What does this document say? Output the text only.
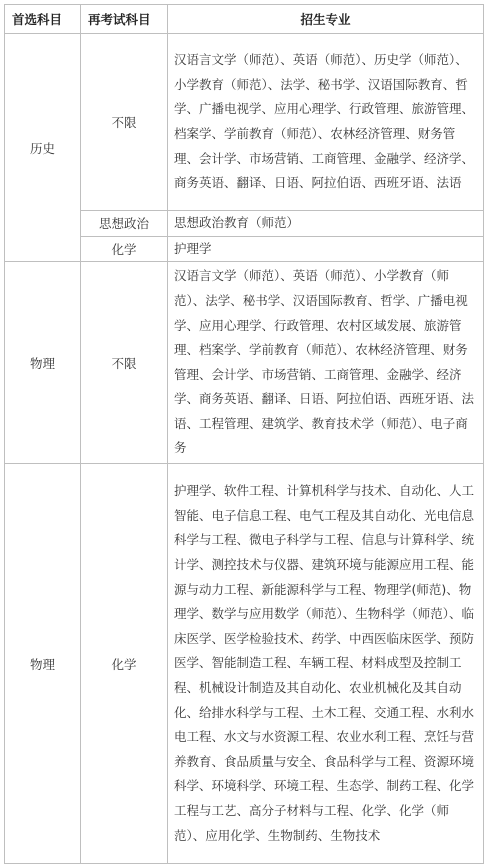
首选科目	再考试科目	招生专业
历史	不限	汉语言文学（师范）、英语（师范）、历史学（师范）、小学教育（师范）、法学、秘书学、汉语国际教育、哲学、广播电视学、应用心理学、行政管理、旅游管理、档案学、学前教育（师范）、农林经济管理、财务管理、会计学、市场营销、工商管理、金融学、经济学、商务英语、翻译、日语、阿拉伯语、西班牙语、法语
	思想政治	思想政治教育（师范）
	化学	护理学
物理	不限	汉语言文学（师范）、英语（师范）、小学教育（师范）、法学、秘书学、汉语国际教育、哲学、广播电视学、应用心理学、行政管理、农村区域发展、旅游管理、档案学、学前教育（师范）、农林经济管理、财务管理、会计学、市场营销、工商管理、金融学、经济学、商务英语、翻译、日语、阿拉伯语、西班牙语、法语、工程管理、建筑学、教育技术学（师范）、电子商务
物理	化学	护理学、软件工程、计算机科学与技术、自动化、人工智能、电子信息工程、电气工程及其自动化、光电信息科学与工程、微电子科学与工程、信息与计算科学、统计学、测控技术与仪器、建筑环境与能源应用工程、能源与动力工程、新能源科学与工程、物理学(师范)、物理学、数学与应用数学（师范）、生物科学（师范）、临床医学、医学检验技术、药学、中西医临床医学、预防医学、智能制造工程、车辆工程、材料成型及控制工程、机械设计制造及其自动化、农业机械化及其自动化、给排水科学与工程、土木工程、交通工程、水利水电工程、水文与水资源工程、农业水利工程、烹饪与营养教育、食品质量与安全、食品科学与工程、资源环境科学、环境科学、环境工程、生态学、制药工程、化学工程与工艺、高分子材料与工程、化学、化学（师范）、应用化学、生物制药、生物技术
